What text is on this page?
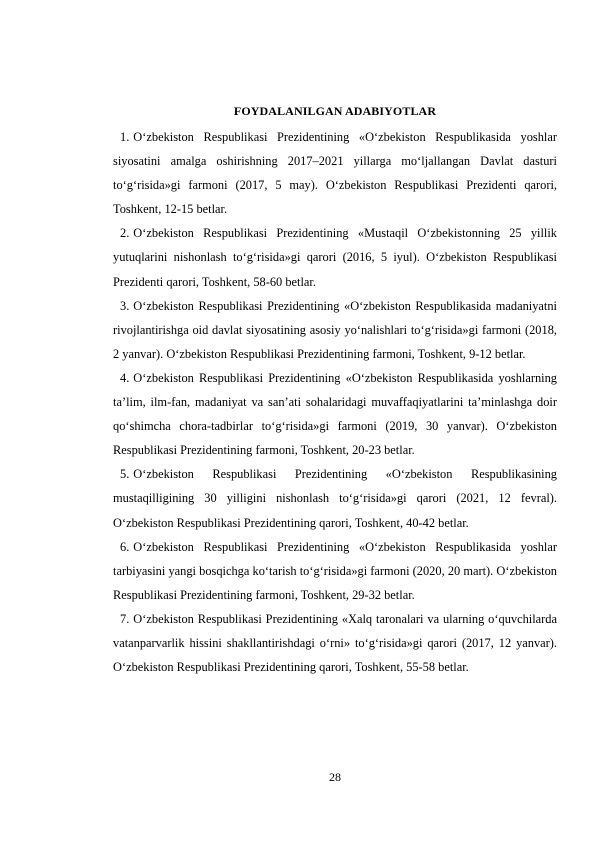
FOYDALANILGAN ADABIYOTLAR

1. O‘zbekiston Respublikasi Prezidentining «O‘zbekiston Respublikasida yoshlar siyosatini amalga oshirishning 2017–2021 yillarga mo‘ljallangan Davlat dasturi to‘g‘risida»gi farmoni (2017, 5 may). O‘zbekiston Respublikasi Prezidenti qarori, Toshkent, 12-15 betlar.

2. O‘zbekiston Respublikasi Prezidentining «Mustaqil O‘zbekistonning 25 yillik yutuqlarini nishonlash to‘g‘risida»gi qarori (2016, 5 iyul). O‘zbekiston Respublikasi Prezidenti qarori, Toshkent, 58-60 betlar.

3. O‘zbekiston Respublikasi Prezidentining «O‘zbekiston Respublikasida madaniyatni rivojlantirishga oid davlat siyosatining asosiy yo‘nalishlari to‘g‘risida»gi farmoni (2018, 2 yanvar). O‘zbekiston Respublikasi Prezidentining farmoni, Toshkent, 9-12 betlar.

4. O‘zbekiston Respublikasi Prezidentining «O‘zbekiston Respublikasida yoshlarning ta’lim, ilm-fan, madaniyat va san’ati sohalaridagi muvaffaqiyatlarini ta’minlashga doir qo‘shimcha chora-tadbirlar to‘g‘risida»gi farmoni (2019, 30 yanvar). O‘zbekiston Respublikasi Prezidentining farmoni, Toshkent, 20-23 betlar.

5. O‘zbekiston Respublikasi Prezidentining «O‘zbekiston Respublikasining mustaqilligining 30 yilligini nishonlash to‘g‘risida»gi qarori (2021, 12 fevral). O‘zbekiston Respublikasi Prezidentining qarori, Toshkent, 40-42 betlar.

6. O‘zbekiston Respublikasi Prezidentining «O‘zbekiston Respublikasida yoshlar tarbiyasini yangi bosqichga ko‘tarish to‘g‘risida»gi farmoni (2020, 20 mart). O‘zbekiston Respublikasi Prezidentining farmoni, Toshkent, 29-32 betlar.

7. O‘zbekiston Respublikasi Prezidentining «Xalq taronalari va ularning o‘quvchilarda vatanparvarlik hissini shakllantirishdagi o‘rni» to‘g‘risida»gi qarori (2017, 12 yanvar). O‘zbekiston Respublikasi Prezidentining qarori, Toshkent, 55-58 betlar.

28
